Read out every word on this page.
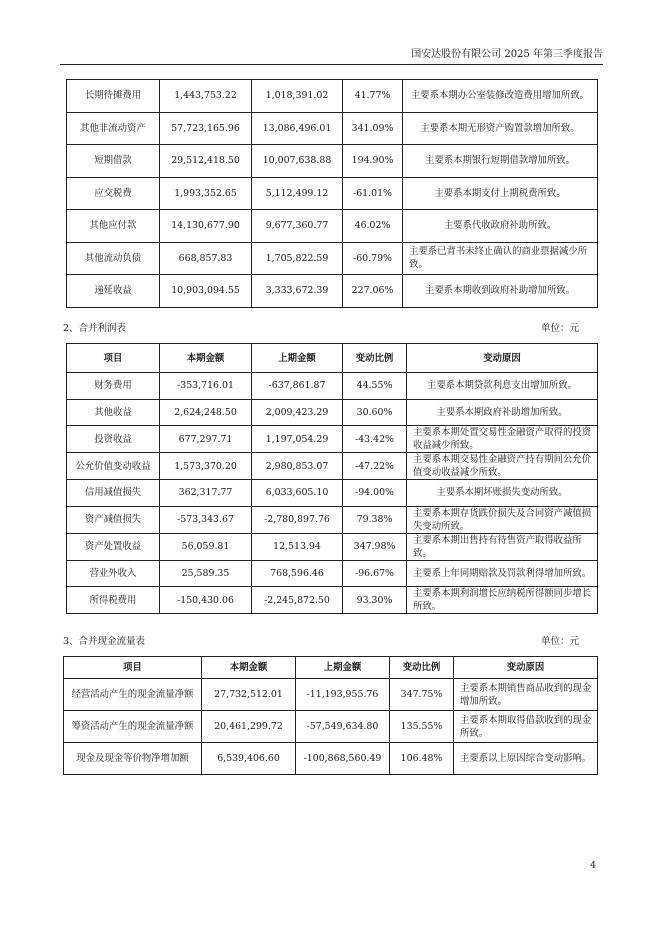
国安达股份有限公司 2025 年第三季度报告
长期待摊费用	1,443,753.22	1,018,391.02	41.77%	主要系本期办公室装修改造费用增加所致。
其他非流动资产	57,723,165.96	13,086,496.01	341.09%	主要系本期无形资产购置款增加所致。
短期借款	29,512,418.50	10,007,638.88	194.90%	主要系本期银行短期借款增加所致。
应交税费	1,993,352.65	5,112,499.12	-61.01%	主要系本期支付上期税费所致。
其他应付款	14,130,677.90	9,677,360.77	46.02%	主要系代收政府补助所致。
其他流动负债	668,857.83	1,705,822.59	-60.79%	主要系已背书未终止确认的商业票据减少所致。
递延收益	10,903,094.55	3,333,672.39	227.06%	主要系本期收到政府补助增加所致。
2、合并利润表	单位：元
项目	本期金额	上期金额	变动比例	变动原因
财务费用	-353,716.01	-637,861.87	44.55%	主要系本期贷款利息支出增加所致。
其他收益	2,624,248.50	2,009,423.29	30.60%	主要系本期政府补助增加所致。
投资收益	677,297.71	1,197,054.29	-43.42%	主要系本期处置交易性金融资产取得的投资收益减少所致。
公允价值变动收益	1,573,370.20	2,980,853.07	-47.22%	主要系本期交易性金融资产持有期间公允价值变动收益减少所致。
信用减值损失	362,317.77	6,033,605.10	-94.00%	主要系本期坏账损失变动所致。
资产减值损失	-573,343.67	-2,780,897.76	79.38%	主要系本期存货跌价损失及合同资产减值损失变动所致。
资产处置收益	56,059.81	12,513.94	347.98%	主要系本期出售持有待售资产取得收益所致。
营业外收入	25,589.35	768,596.46	-96.67%	主要系上年同期赔款及罚款利得增加所致。
所得税费用	-150,430.06	-2,245,872.50	93.30%	主要系本期利润增长应纳税所得额同步增长所致。
3、合并现金流量表	单位：元
项目	本期金额	上期金额	变动比例	变动原因
经营活动产生的现金流量净额	27,732,512.01	-11,193,955.76	347.75%	主要系本期销售商品收到的现金增加所致。
筹资活动产生的现金流量净额	20,461,299.72	-57,549,634.80	135.55%	主要系本期取得借款收到的现金所致。
现金及现金等价物净增加额	6,539,406.60	-100,868,560.49	106.48%	主要系以上原因综合变动影响。
4
